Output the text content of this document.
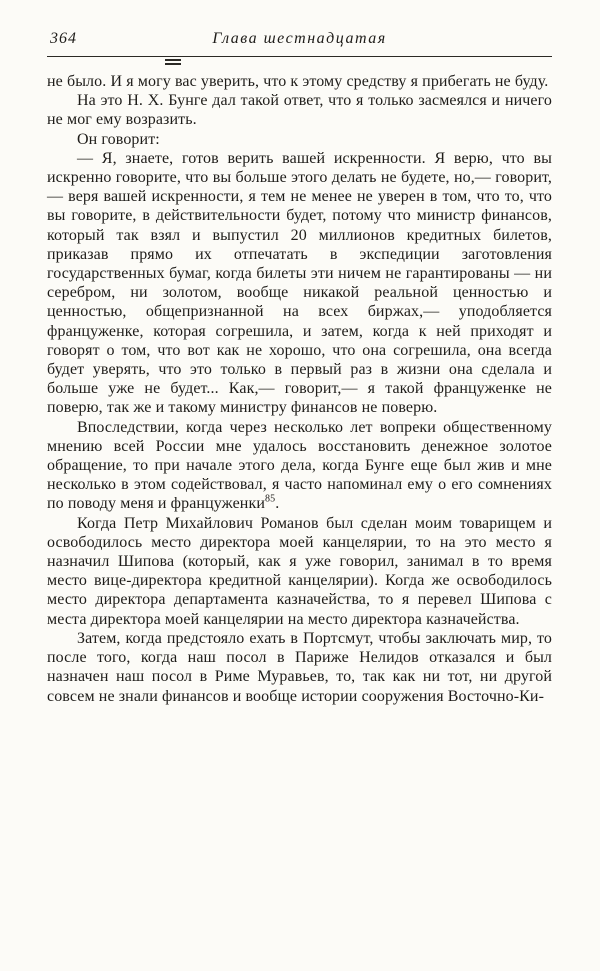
364	Глава шестнадцатая

не было. И я могу вас уверить, что к этому средству я прибегать не буду.

На это Н. Х. Бунге дал такой ответ, что я только засмеялся и ничего не мог ему возразить.

Он говорит:

— Я, знаете, готов верить вашей искренности. Я верю, что вы искренно говорите, что вы больше этого делать не будете, но,— говорит,— веря вашей искренности, я тем не менее не уверен в том, что то, что вы говорите, в действительности будет, потому что министр финансов, который так взял и выпустил 20 миллионов кредитных билетов, приказав прямо их отпечатать в экспедиции заготовления государственных бумаг, когда билеты эти ничем не гарантированы — ни серебром, ни золотом, вообще никакой реальной ценностью и ценностью, общепризнанной на всех биржах,— уподобляется француженке, которая согрешила, и затем, когда к ней приходят и говорят о том, что вот как не хорошо, что она согрешила, она всегда будет уверять, что это только в первый раз в жизни она сделала и больше уже не будет... Как,— говорит,— я такой француженке не поверю, так же и такому министру финансов не поверю.

Впоследствии, когда через несколько лет вопреки общественному мнению всей России мне удалось восстановить денежное золотое обращение, то при начале этого дела, когда Бунге еще был жив и мне несколько в этом содействовал, я часто напоминал ему о его сомнениях по поводу меня и француженки$^{85}$.

Когда Петр Михайлович Романов был сделан моим товарищем и освободилось место директора моей канцелярии, то на это место я назначил Шипова (который, как я уже говорил, занимал в то время место вице-директора кредитной канцелярии). Когда же освободилось место директора департамента казначейства, то я перевел Шипова с места директора моей канцелярии на место директора казначейства.

Затем, когда предстояло ехать в Портсмут, чтобы заключать мир, то после того, когда наш посол в Париже Нелидов отказался и был назначен наш посол в Риме Муравьев, то, так как ни тот, ни другой совсем не знали финансов и вообще истории сооружения Восточно-Ки-
